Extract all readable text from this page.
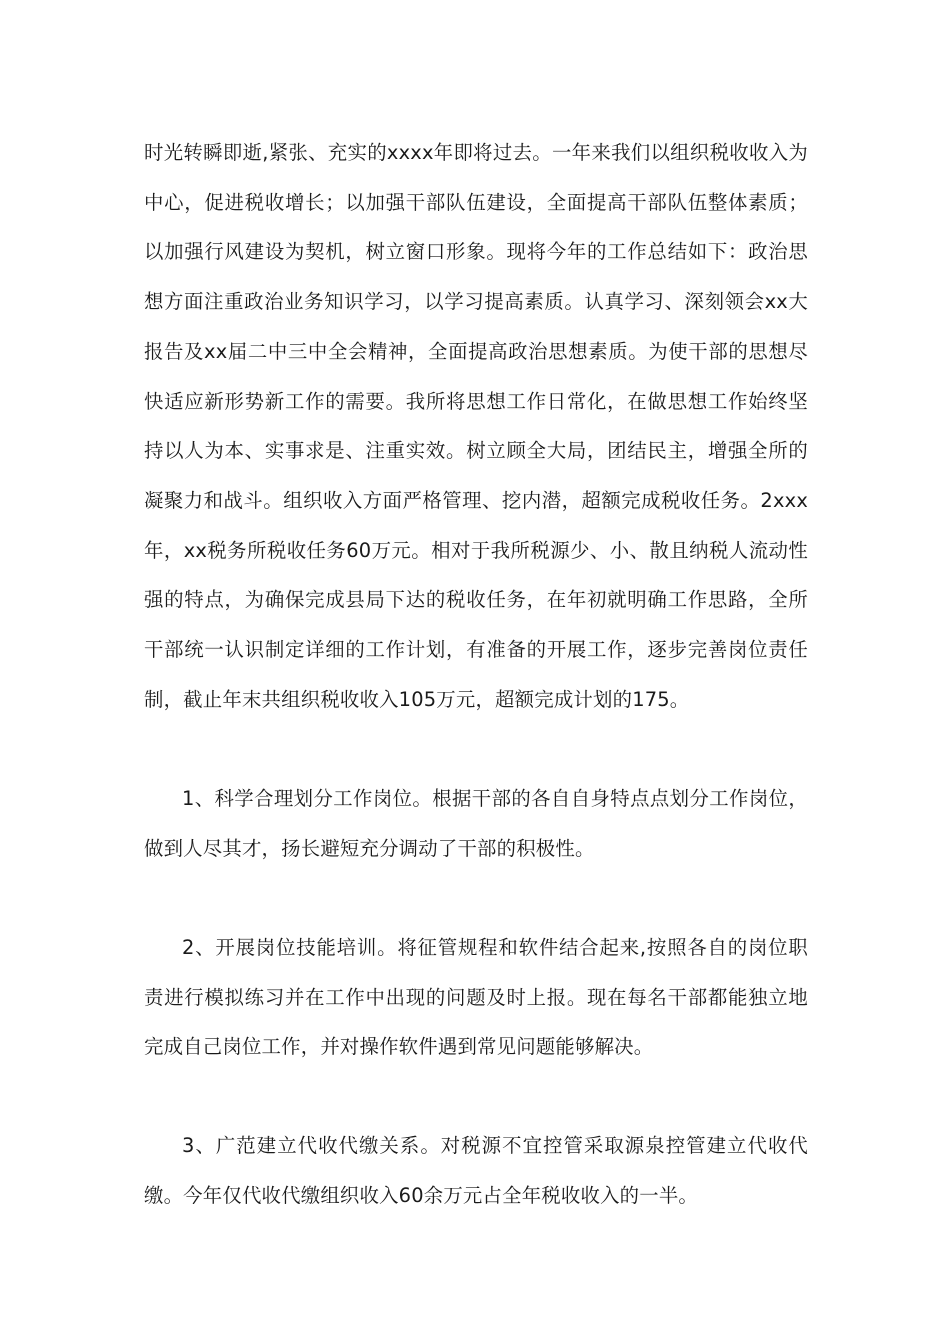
时光转瞬即逝,紧张、充实的xxxx年即将过去。一年来我们以组织税收收入为中心，促进税收增长；以加强干部队伍建设，全面提高干部队伍整体素质；以加强行风建设为契机，树立窗口形象。现将今年的工作总结如下：政治思想方面注重政治业务知识学习，以学习提高素质。认真学习、深刻领会xx大报告及xx届二中三中全会精神，全面提高政治思想素质。为使干部的思想尽快适应新形势新工作的需要。我所将思想工作日常化，在做思想工作始终坚持以人为本、实事求是、注重实效。树立顾全大局，团结民主，增强全所的凝聚力和战斗。组织收入方面严格管理、挖内潜，超额完成税收任务。2xxx年，xx税务所税收任务60万元。相对于我所税源少、小、散且纳税人流动性强的特点，为确保完成县局下达的税收任务，在年初就明确工作思路，全所干部统一认识制定详细的工作计划，有准备的开展工作，逐步完善岗位责任制，截止年末共组织税收收入105万元，超额完成计划的175。

1、科学合理划分工作岗位。根据干部的各自自身特点点划分工作岗位，做到人尽其才，扬长避短充分调动了干部的积极性。

2、开展岗位技能培训。将征管规程和软件结合起来,按照各自的岗位职责进行模拟练习并在工作中出现的问题及时上报。现在每名干部都能独立地完成自己岗位工作，并对操作软件遇到常见问题能够解决。

3、广范建立代收代缴关系。对税源不宜控管采取源泉控管建立代收代缴。今年仅代收代缴组织收入60余万元占全年税收收入的一半。
